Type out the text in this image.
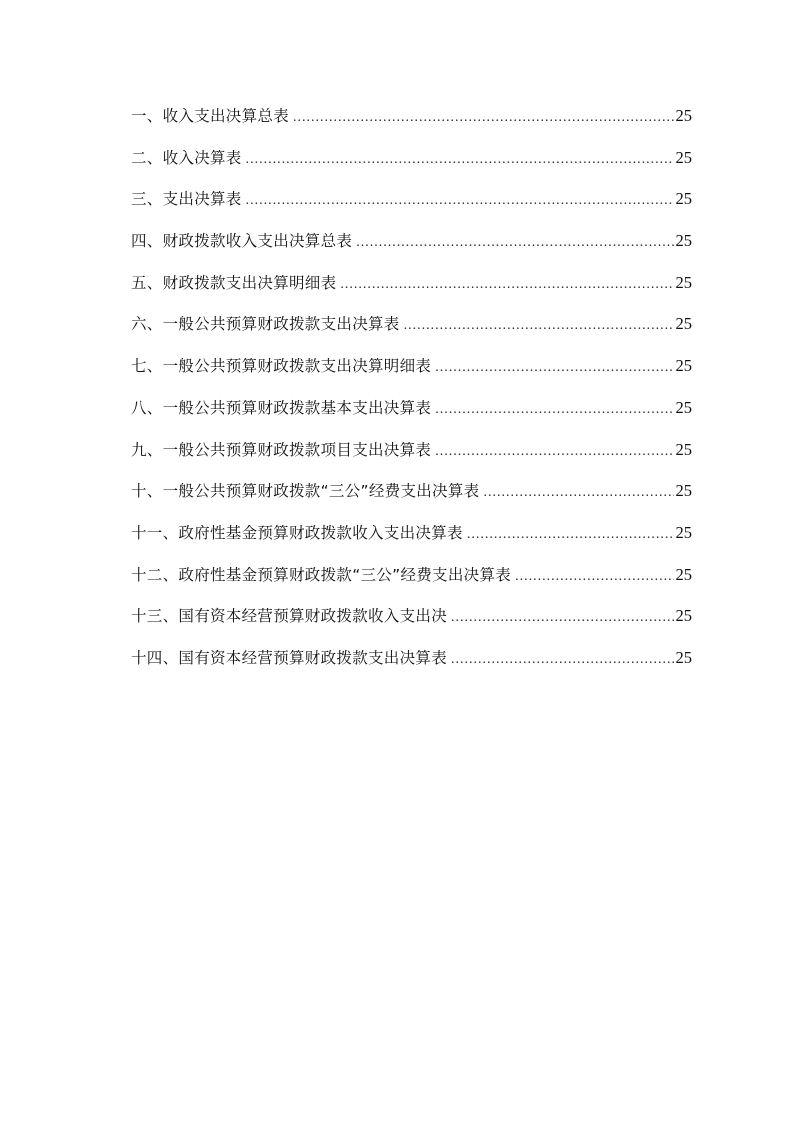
一、收入支出决算总表 .....	25
二、收入决算表 .....	25
三、支出决算表 .....	25
四、财政拨款收入支出决算总表 .....	25
五、财政拨款支出决算明细表 .....	25
六、一般公共预算财政拨款支出决算表 .....	25
七、一般公共预算财政拨款支出决算明细表 .....	25
八、一般公共预算财政拨款基本支出决算表 .....	25
九、一般公共预算财政拨款项目支出决算表 .....	25
十、一般公共预算财政拨款“三公”经费支出决算表 .....	25
十一、政府性基金预算财政拨款收入支出决算表 .....	25
十二、政府性基金预算财政拨款“三公”经费支出决算表 .....	25
十三、国有资本经营预算财政拨款收入支出决 .....	25
十四、国有资本经营预算财政拨款支出决算表 .....	25
